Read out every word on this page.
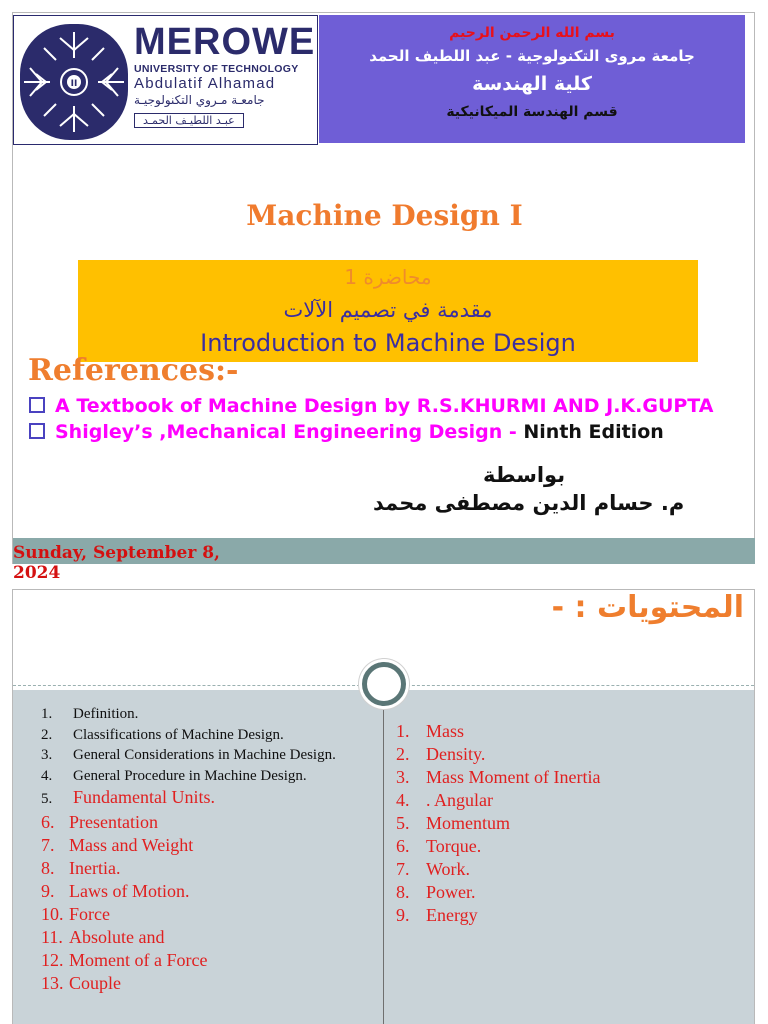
II
MEROWE
UNIVERSITY OF TECHNOLOGY
Abdulatif Alhamad
جامعـة مـروي التكنولوجيـة
عبـد اللطيـف الحمـد
بسم الله الرحمن الرحيم
جامعة مروى التكنولوجية - عبد اللطيف الحمد
كلية الهندسة
قسم الهندسة الميكانيكية
Machine Design I
محاضرة 1
مقدمة في تصميم الآلات
Introduction to Machine Design
References:-
A Textbook of Machine Design by R.S.KHURMI AND J.K.GUPTA
Shigley’s ,Mechanical Engineering Design - Ninth Edition
بواسطة
م. حسام الدين مصطفى محمد
Sunday, September 8, 2024
المحتويات : -
1. Definition.
2. Classifications of Machine Design.
3. General Considerations in Machine Design.
4. General Procedure in Machine Design.
5. Fundamental Units.
6. Presentation
7. Mass and Weight
8. Inertia.
9. Laws of Motion.
10. Force
11. Absolute and
12. Moment of a Force
13. Couple
1. Mass
2. Density.
3. Mass Moment of Inertia
4. . Angular
5. Momentum
6. Torque.
7. Work.
8. Power.
9. Energy
